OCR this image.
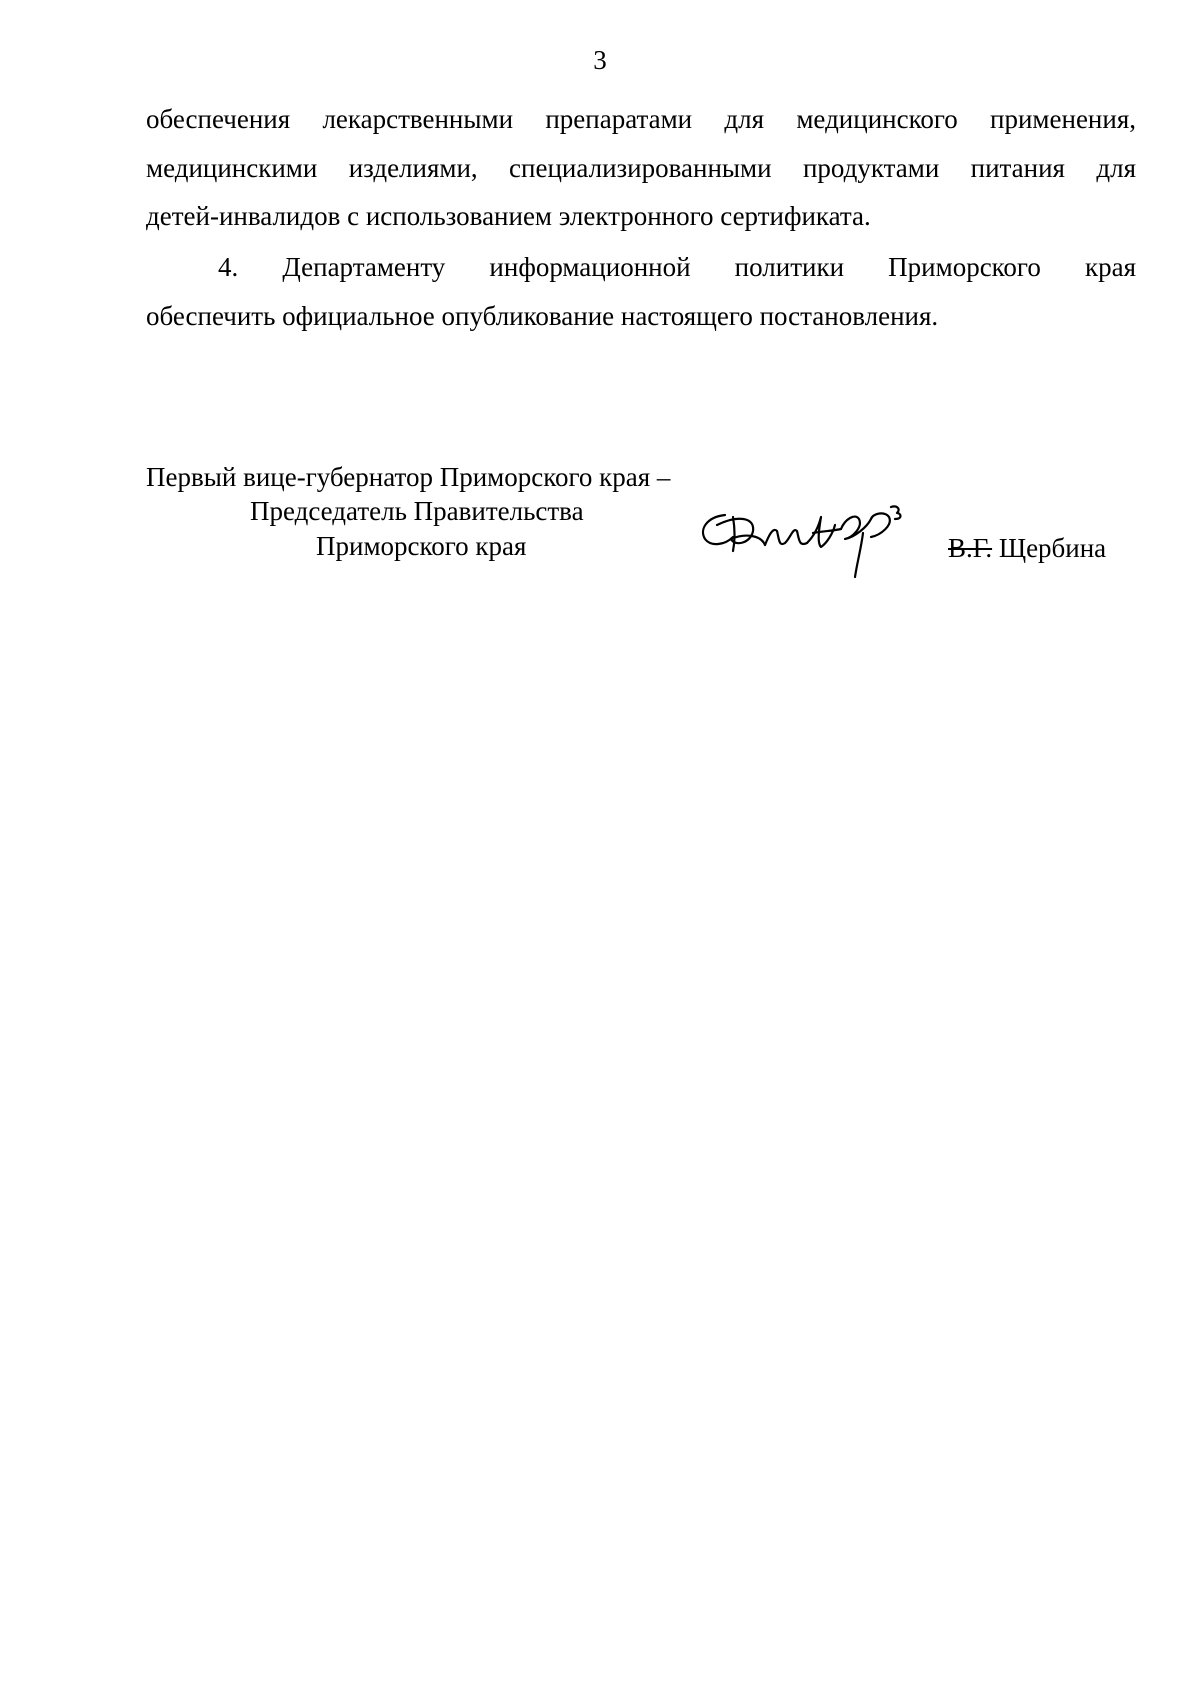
3
обеспечения лекарственными препаратами для медицинского применения,
медицинскими изделиями, специализированными продуктами питания для
детей-инвалидов с использованием электронного сертификата.
4. Департаменту информационной политики Приморского края
обеспечить официальное опубликование настоящего постановления.
Первый вице-губернатор Приморского края –
Председатель Правительства
Приморского края	В.Г. Щербина
